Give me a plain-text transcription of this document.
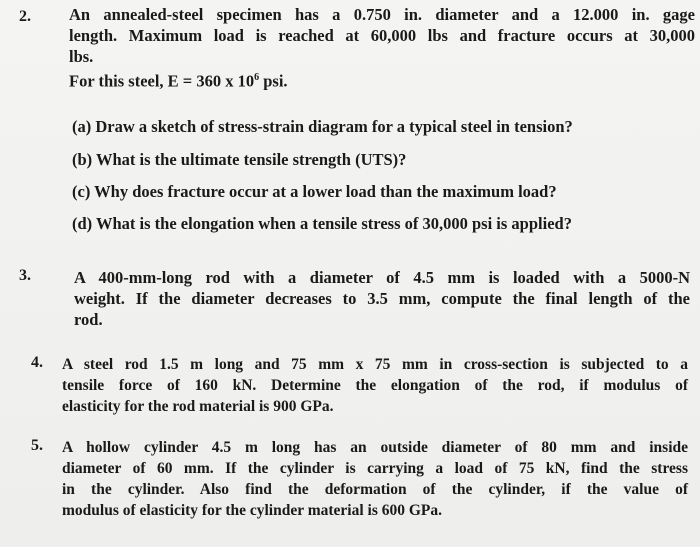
2. An annealed-steel specimen has a 0.750 in. diameter and a 12.000 in. gage
length. Maximum load is reached at 60,000 lbs and fracture occurs at 30,000
lbs.
For this steel, E = 360 x $10^6$ psi.
(a) Draw a sketch of stress-strain diagram for a typical steel in tension?
(b) What is the ultimate tensile strength (UTS)?
(c) Why does fracture occur at a lower load than the maximum load?
(d) What is the elongation when a tensile stress of 30,000 psi is applied?
3.	A 400-mm-long rod with a diameter of 4.5 mm is loaded with a 5000-N
weight. If the diameter decreases to 3.5 mm, compute the final length of the
rod.
4. A steel rod 1.5 m long and 75 mm x 75 mm in cross-section is subjected to a
tensile force of 160 kN. Determine the elongation of the rod, if modulus of
elasticity for the rod material is 900 GPa.
5. A hollow cylinder 4.5 m long has an outside diameter of 80 mm and inside
diameter of 60 mm. If the cylinder is carrying a load of 75 kN, find the stress
in the cylinder. Also find the deformation of the cylinder, if the value of
modulus of elasticity for the cylinder material is 600 GPa.
